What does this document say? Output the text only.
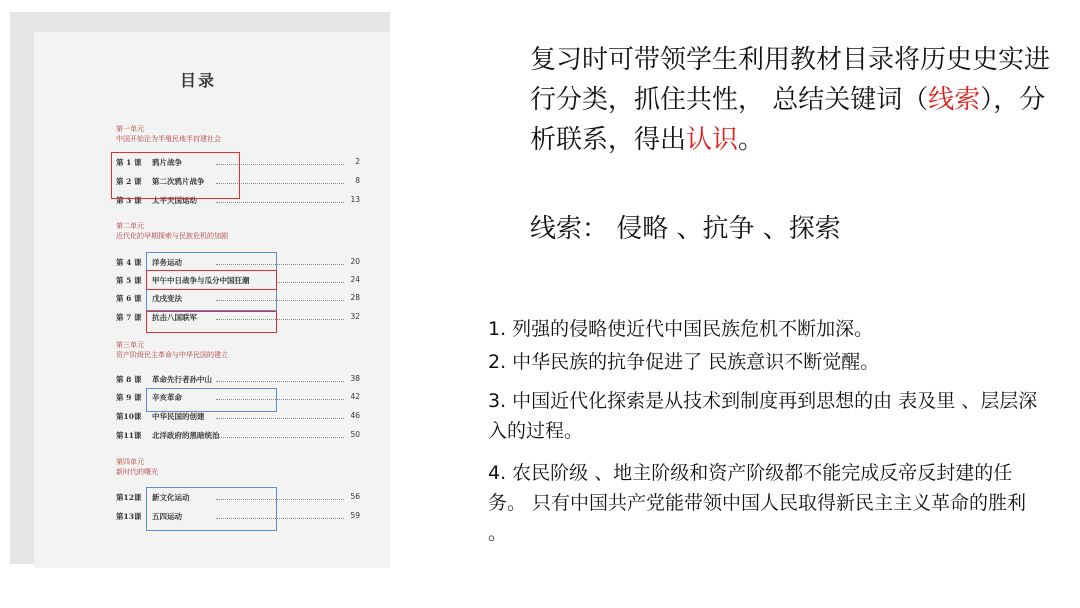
目录
第一单元
中国开始沦为半殖民地半封建社会
第二单元
近代化的早期探索与民族危机的加剧
第三单元
资产阶级民主革命与中华民国的建立
第四单元
新时代的曙光
第 1 课 鸦片战争	2
第 2 课 第二次鸦片战争	8
第 3 课 太平天国运动	13
第 4 课 洋务运动	20
第 5 课 甲午中日战争与瓜分中国狂潮	24
第 6 课 戊戌变法	28
第 7 课 抗击八国联军	32
第 8 课 革命先行者孙中山	38
第 9 课 辛亥革命	42
第10课 中华民国的创建	46
第11课 北洋政府的黑暗统治	50
第12课 新文化运动	56
第13课 五四运动	59
复习时可带领学生利用教材目录将历史史实进行分类，抓住共性， 总结关键词（线索），分析联系，得出认识。
线索： 侵略 、抗争 、探索

1. 列强的侵略使近代中国民族危机不断加深。

2. 中华民族的抗争促进了 民族意识不断觉醒。

3. 中国近代化探索是从技术到制度再到思想的由 表及里 、层层深入的过程。

4. 农民阶级 、地主阶级和资产阶级都不能完成反帝反封建的任务。 只有中国共产党能带领中国人民取得新民主主义革命的胜利 。
